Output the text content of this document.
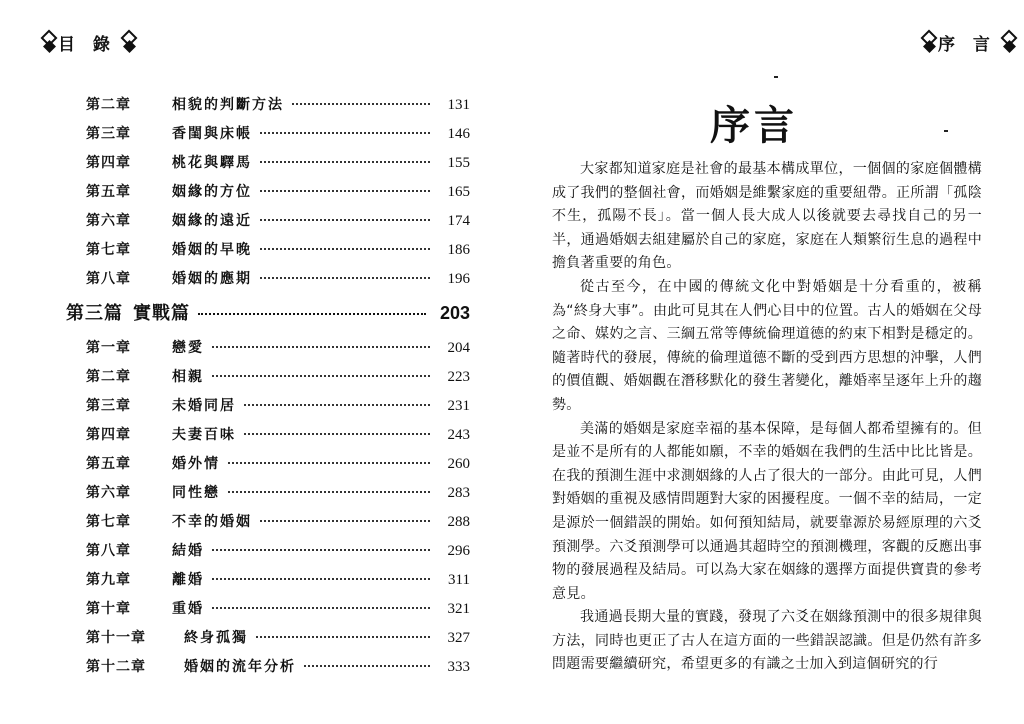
目 錄
第二章	相貌的判斷方法	131
第三章	香閨與床帳	146
第四章	桃花與驛馬	155
第五章	姻緣的方位	165
第六章	姻緣的遠近	174
第七章	婚姻的早晚	186
第八章	婚姻的應期	196
第三篇 實戰篇	203
第一章	戀愛	204
第二章	相親	223
第三章	未婚同居	231
第四章	夫妻百味	243
第五章	婚外情	260
第六章	同性戀	283
第七章	不幸的婚姻	288
第八章	結婚	296
第九章	離婚	311
第十章	重婚	321
第十一章	終身孤獨	327
第十二章	婚姻的流年分析	333
序 言
序言

大家都知道家庭是社會的最基本構成單位，一個個的家庭個體構成了我們的整個社會，而婚姻是維繫家庭的重要紐帶。正所謂「孤陰不生，孤陽不長」。當一個人長大成人以後就要去尋找自己的另一半，通過婚姻去組建屬於自己的家庭，家庭在人類繁衍生息的過程中擔負著重要的角色。

從古至今，在中國的傳統文化中對婚姻是十分看重的，被稱為“終身大事”。由此可見其在人們心目中的位置。古人的婚姻在父母之命、媒妁之言、三綱五常等傳統倫理道德的約束下相對是穩定的。隨著時代的發展，傳統的倫理道德不斷的受到西方思想的沖擊，人們的價值觀、婚姻觀在潛移默化的發生著變化，離婚率呈逐年上升的趨勢。

美滿的婚姻是家庭幸福的基本保障，是每個人都希望擁有的。但是並不是所有的人都能如願，不幸的婚姻在我們的生活中比比皆是。在我的預測生涯中求測姻緣的人占了很大的一部分。由此可見，人們對婚姻的重視及感情問題對大家的困擾程度。一個不幸的結局，一定是源於一個錯誤的開始。如何預知結局，就要靠源於易經原理的六爻預測學。六爻預測學可以通過其超時空的預測機理，客觀的反應出事物的發展過程及結局。可以為大家在姻緣的選擇方面提供寶貴的參考意見。

我通過長期大量的實踐，發現了六爻在姻緣預測中的很多規律與方法，同時也更正了古人在這方面的一些錯誤認識。但是仍然有許多問題需要繼續研究，希望更多的有識之士加入到這個研究的行
